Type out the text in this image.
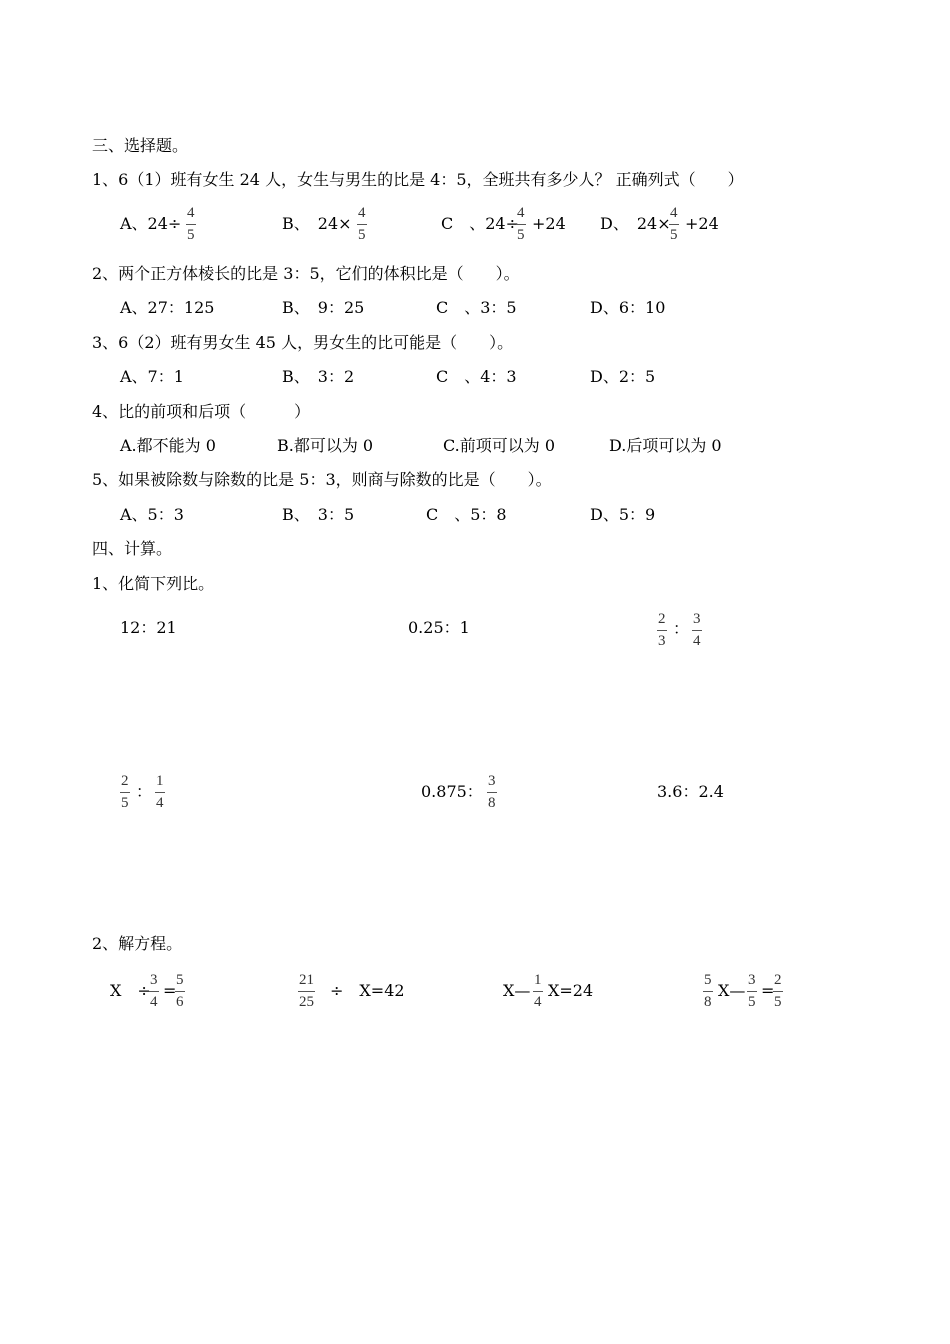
三、选择题。
1、6（1）班有女生 24 人，女生与男生的比是 4：5，全班共有多少人？ 正确列式（　　）
A、$24\div \frac{4}{5}$	B、　$24\times \frac{4}{5}$	C　、24÷
$\frac{4}{5} +24$ D、　24×
$\frac{4}{5} +24$
2、两个正方体棱长的比是 3：5，它们的体积比是（　　）。
A、27：125	B、　9：25	C　、3：5	D、6：10
3、6（2）班有男女生 45 人，男女生的比可能是（　　）。
A、7：1	B、　3：2	C　、4：3	D、2：5
4、比的前项和后项（　　　）
A.都不能为 0	B.都可以为 0	C.前项可以为 0	D.后项可以为 0
5、如果被除数与除数的比是 5：3，则商与除数的比是（　　）。
A、5：3	B、　3：5	C　、5：8	D、5：9
四、计算。
1、化简下列比。
12：21	0.25：1	$\frac{2}{3}$ ： $\frac{3}{4}$
$\frac{2}{5}$ ： $\frac{1}{4}$	0.875： $\frac{3}{8}$	3.6：2.4
2、解方程。
X　÷
$\frac{3}{4}$ =
$\frac{5}{6}$	$\frac{21}{25}$ ÷　X=42	X— $\frac{1}{4} X=24$	$\frac{5}{8}$ X— $\frac{3}{5}$ =
$\frac{2}{5}$
